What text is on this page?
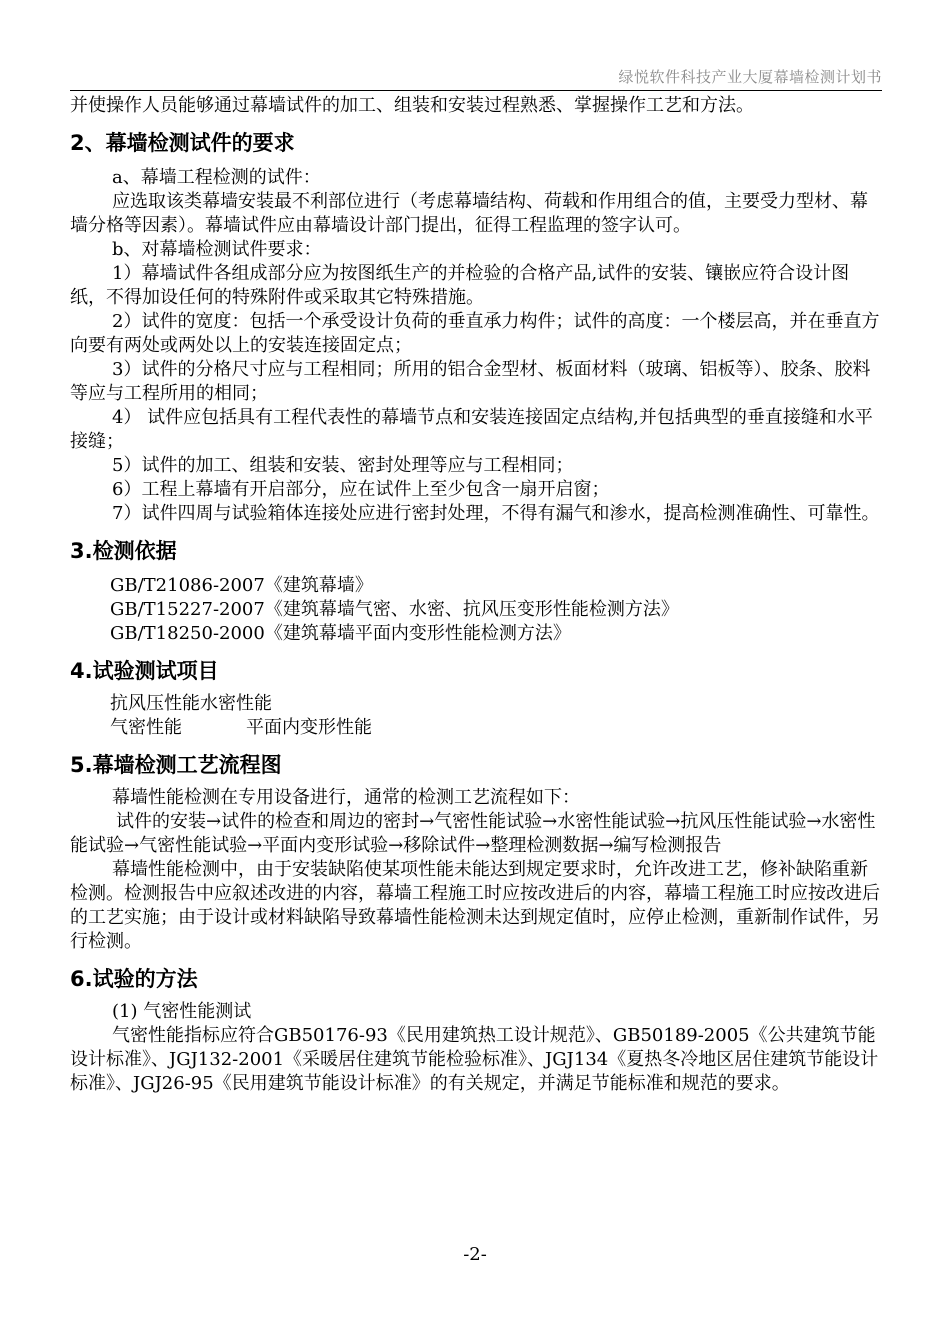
绿悦软件科技产业大厦幕墙检测计划书

并使操作人员能够通过幕墙试件的加工、组装和安装过程熟悉、掌握操作工艺和方法。

2、幕墙检测试件的要求

a、幕墙工程检测的试件：

应选取该类幕墙安装最不利部位进行（考虑幕墙结构、荷载和作用组合的值，主要受力型材、幕墙分格等因素）。幕墙试件应由幕墙设计部门提出，征得工程监理的签字认可。

b、对幕墙检测试件要求：

1）幕墙试件各组成部分应为按图纸生产的并检验的合格产品,试件的安装、镶嵌应符合设计图纸，不得加设任何的特殊附件或采取其它特殊措施。

2）试件的宽度：包括一个承受设计负荷的垂直承力构件；试件的高度：一个楼层高，并在垂直方向要有两处或两处以上的安装连接固定点；

3）试件的分格尺寸应与工程相同；所用的铝合金型材、板面材料（玻璃、铝板等）、胶条、胶料等应与工程所用的相同；

4） 试件应包括具有工程代表性的幕墙节点和安装连接固定点结构,并包括典型的垂直接缝和水平接缝；

5）试件的加工、组装和安装、密封处理等应与工程相同；

6）工程上幕墙有开启部分，应在试件上至少包含一扇开启窗；

7）试件四周与试验箱体连接处应进行密封处理，不得有漏气和渗水，提高检测准确性、可靠性。

3.检测依据

GB/T21086-2007《建筑幕墙》

GB/T15227-2007《建筑幕墙气密、水密、抗风压变形性能检测方法》

GB/T18250-2000《建筑幕墙平面内变形性能检测方法》

4.试验测试项目

抗风压性能 水密性能

气密性能	平面内变形性能

5.幕墙检测工艺流程图

幕墙性能检测在专用设备进行，通常的检测工艺流程如下：

试件的安装→试件的检查和周边的密封→气密性能试验→水密性能试验→抗风压性能试验→水密性能试验→气密性能试验→平面内变形试验→移除试件→整理检测数据→编写检测报告

幕墙性能检测中，由于安装缺陷使某项性能未能达到规定要求时，允许改进工艺，修补缺陷重新检测。检测报告中应叙述改进的内容，幕墙工程施工时应按改进后的内容，幕墙工程施工时应按改进后的工艺实施；由于设计或材料缺陷导致幕墙性能检测未达到规定值时，应停止检测，重新制作试件，另行检测。

6.试验的方法

(1) 气密性能测试

气密性能指标应符合GB50176-93《民用建筑热工设计规范》、GB50189-2005《公共建筑节能设计标准》、JGJ132-2001《采暖居住建筑节能检验标准》、JGJ134《夏热冬冷地区居住建筑节能设计标准》、JGJ26-95《民用建筑节能设计标准》的有关规定，并满足节能标准和规范的要求。

-2-
